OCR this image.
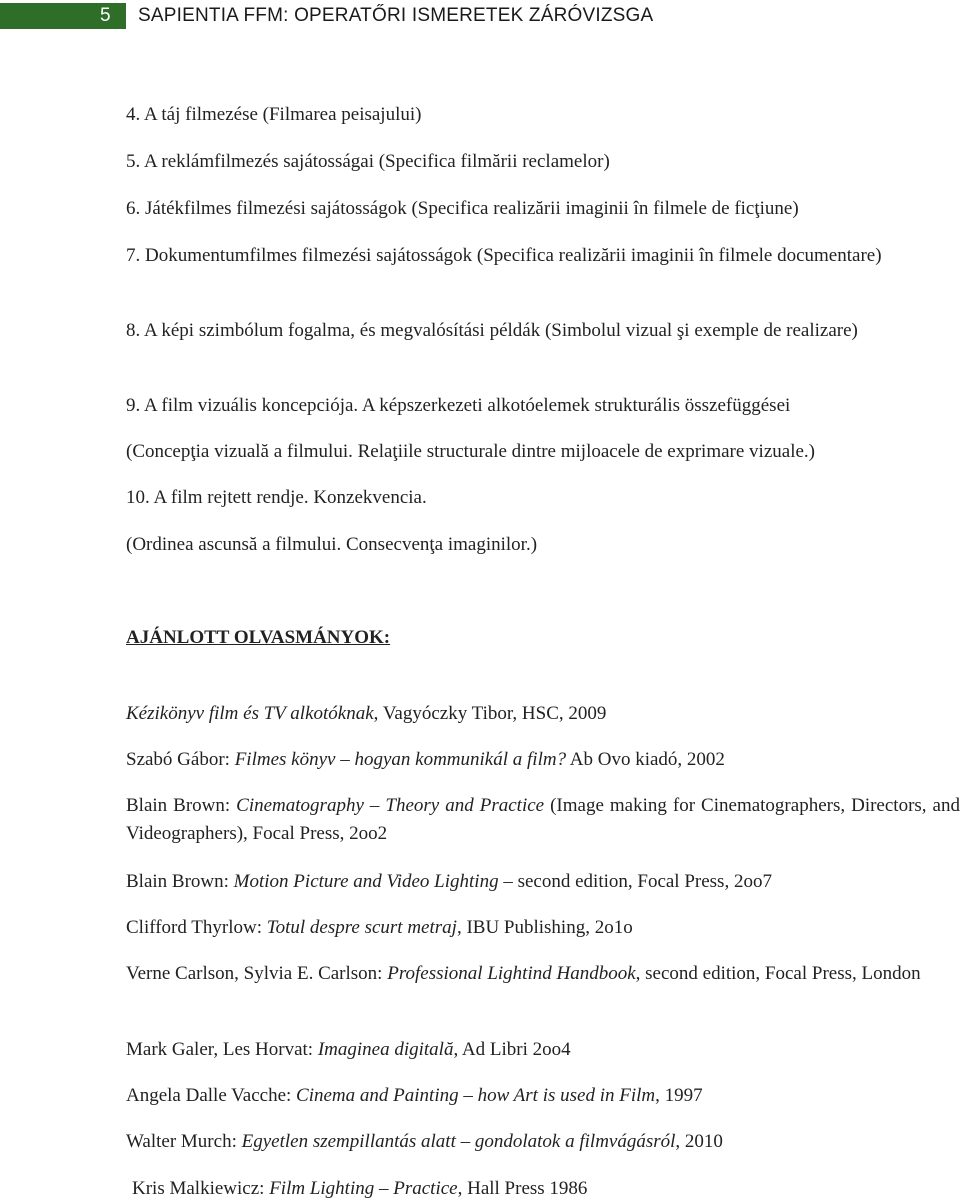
5	SAPIENTIA FFM: OPERATŐRI ISMERETEK ZÁRÓVIZSGA

4. A táj filmezése (Filmarea peisajului)

5. A reklámfilmezés sajátosságai (Specifica filmării reclamelor)

6. Játékfilmes filmezési sajátosságok (Specifica realizării imaginii în filmele de ficţiune)

7. Dokumentumfilmes filmezési sajátosságok (Specifica realizării imaginii în filmele documentare)

8. A képi szimbólum fogalma, és megvalósítási példák (Simbolul vizual şi exemple de realizare)

9. A film vizuális koncepciója. A képszerkezeti alkotóelemek strukturális összefüggései

(Concepţia vizuală a filmului. Relaţiile structurale dintre mijloacele de exprimare vizuale.)

10. A film rejtett rendje. Konzekvencia.

(Ordinea ascunsă a filmului. Consecvenţa imaginilor.)

AJÁNLOTT OLVASMÁNYOK:

Kézikönyv film és TV alkotóknak, Vagyóczky Tibor, HSC, 2009

Szabó Gábor: Filmes könyv – hogyan kommunikál a film? Ab Ovo kiadó, 2002

Blain Brown: Cinematography – Theory and Practice (Image making for Cinematographers, Directors, and Videographers), Focal Press, 2oo2

Blain Brown: Motion Picture and Video Lighting – second edition, Focal Press, 2oo7

Clifford Thyrlow: Totul despre scurt metraj, IBU Publishing, 2o1o

Verne Carlson, Sylvia E. Carlson: Professional Lightind Handbook, second edition, Focal Press, London

Mark Galer, Les Horvat: Imaginea digitală, Ad Libri 2oo4

Angela Dalle Vacche: Cinema and Painting – how Art is used in Film, 1997

Walter Murch: Egyetlen szempillantás alatt – gondolatok a filmvágásról, 2010

Kris Malkiewicz: Film Lighting – Practice, Hall Press 1986
